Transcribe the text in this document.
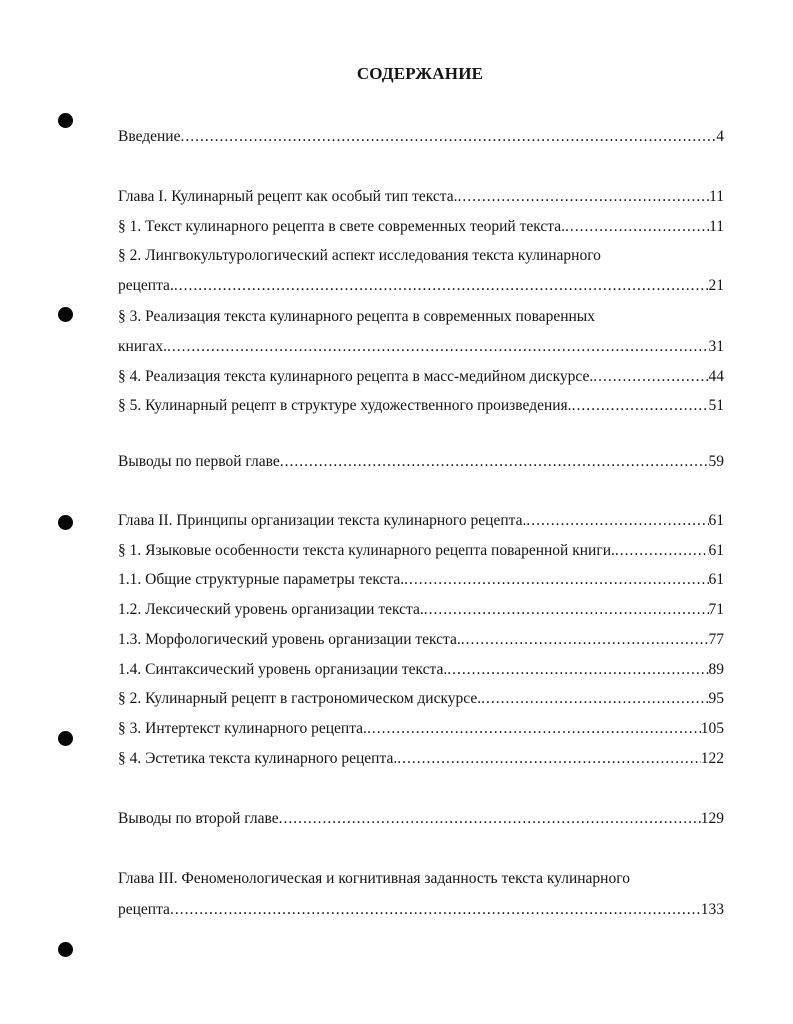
СОДЕРЖАНИЕ
Введение .....	4
Глава I. Кулинарный рецепт как особый тип текста. .....	11
§ 1. Текст кулинарного рецепта в свете современных теорий текста. .....	11
§ 2. Лингвокультурологический аспект исследования текста кулинарного
рецепта. .....	21
§ 3. Реализация текста кулинарного рецепта в современных поваренных
книгах. .....	31
§ 4. Реализация текста кулинарного рецепта в масс-медийном дискурсе. .....	44
§ 5. Кулинарный рецепт в структуре художественного произведения. .....	51
Выводы по первой главе .....	59
Глава II. Принципы организации текста кулинарного рецепта. .....	61
§ 1. Языковые особенности текста кулинарного рецепта поваренной книги. .....	61
1.1. Общие структурные параметры текста. .....	61
1.2. Лексический уровень организации текста. .....	71
1.3. Морфологический уровень организации текста. .....	77
1.4. Синтаксический уровень организации текста. .....	89
§ 2. Кулинарный рецепт в гастрономическом дискурсе. .....	95
§ 3. Интертекст кулинарного рецепта. .....	105
§ 4. Эстетика текста кулинарного рецепта. .....	122
Выводы по второй главе .....	129
Глава III. Феноменологическая и когнитивная заданность текста кулинарного
рецепта .....	133
